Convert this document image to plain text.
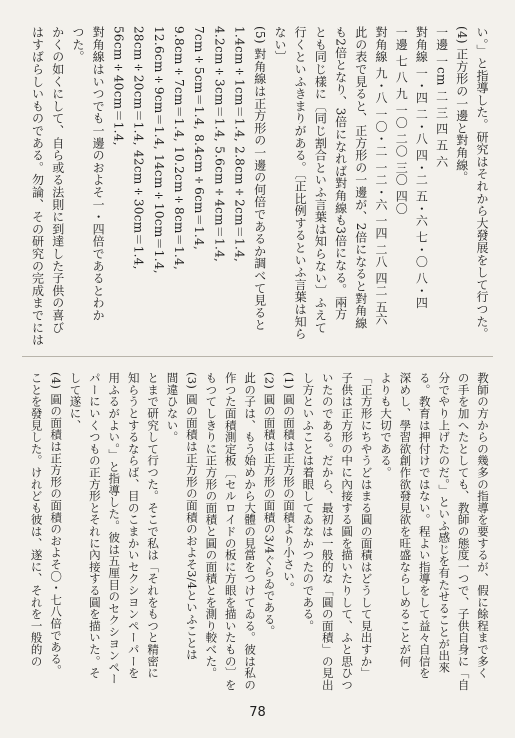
い。」と指導した。研究はそれから大發展をして行つた。

(4) 正方形の一邊と對角線。

一邊 一cm 二 三 四 五 六

對角線 一・四 二・八 四・二 五・六 七・〇 八・四

一邊 七 八 九 一〇 二〇 三〇 四〇

對角線 九・八 一〇・二 一二・六 一四 二八 四二 五六

此の表で見ると、正方形の一邊が、2倍になると對角線

も2倍となり、3倍になれば對角線も3倍になる。兩方

とも同じ樣に〔同じ割合といふ言葉は知らない〕ふえて

行くといふきまりがある。〔正比例するといふ言葉は知ら

ない〕

(5) 對角線は正方形の一邊の何倍であるか調べて見ると

1.4cm÷1cm＝1.4, 2.8cm÷2cm＝1.4,

4.2cm÷3cm＝1.4, 5.6cm÷4cm＝1.4,

7cm÷5cm＝1.4, 8.4cm÷6cm＝1.4,

9.8cm÷7cm＝1.4, 10.2cm÷8cm＝1.4,

12.6cm÷9cm＝1.4, 14cm÷10cm＝1.4,

28cm÷20cm＝1.4, 42cm÷30cm＝1.4,

56cm÷40cm＝1.4,

對角線はいつでも一邊のおよそ一・四倍であるとわか

つた。

かくの如くにして、自ら或る法則に到達した子供の喜び

はすばらしいものである。勿論、その研究の完成までには

教師の方からの幾多の指導を要するが、假に餘程まで多く

の手を加へたとしても、教師の態度一つで、子供自身に「自

分でやり上げたのだ。」といふ感じを有たせることが出來

る。教育は押付けではない。程よい指導をして益々自信を

深めし、學習欲創作欲發見欲を旺盛ならしめることが何

よりも大切である。

「正方形にちやうどはまる圓の面積はどうして見出すか」

子供は正方形の中に內接する圓を描いたりして、ふと思ひつ

いたのである。だから、最初は一般的な「圓の面積」の見出

し方といふことは着眼してゐなかつたのである。

(1) 圓の面積は正方形の面積より小さい。

(2) 圓の面積は正方形の面積の3/4ぐらゐである。

此の子は、もう始めから大體の見當をつけてゐる。彼は私の

作つた面積測定板〔セルロイドの板に方眼を描いたもの〕を

もつてしきりに正方形の面積と圓の面積とを測り較べた。

(3) 圓の面積は正方形の面積のおよそ3/4といふことは

間違ひない。

とまで研究して行つた。そこで私は「それをもつと精密に

知らうとするならば、目のこまかいセクシヨンペーパーを

用ふるがよい。」と指導した。彼は五厘目のセクシヨンペー

パーにいくつもの正方形とそれに內接する圓を描いた。そ

して遂に、

(4) 圓の面積は正方形の面積のおよそ〇・七八倍である。

ことを發見した。けれども彼は、遂に、それを一般的の

78
